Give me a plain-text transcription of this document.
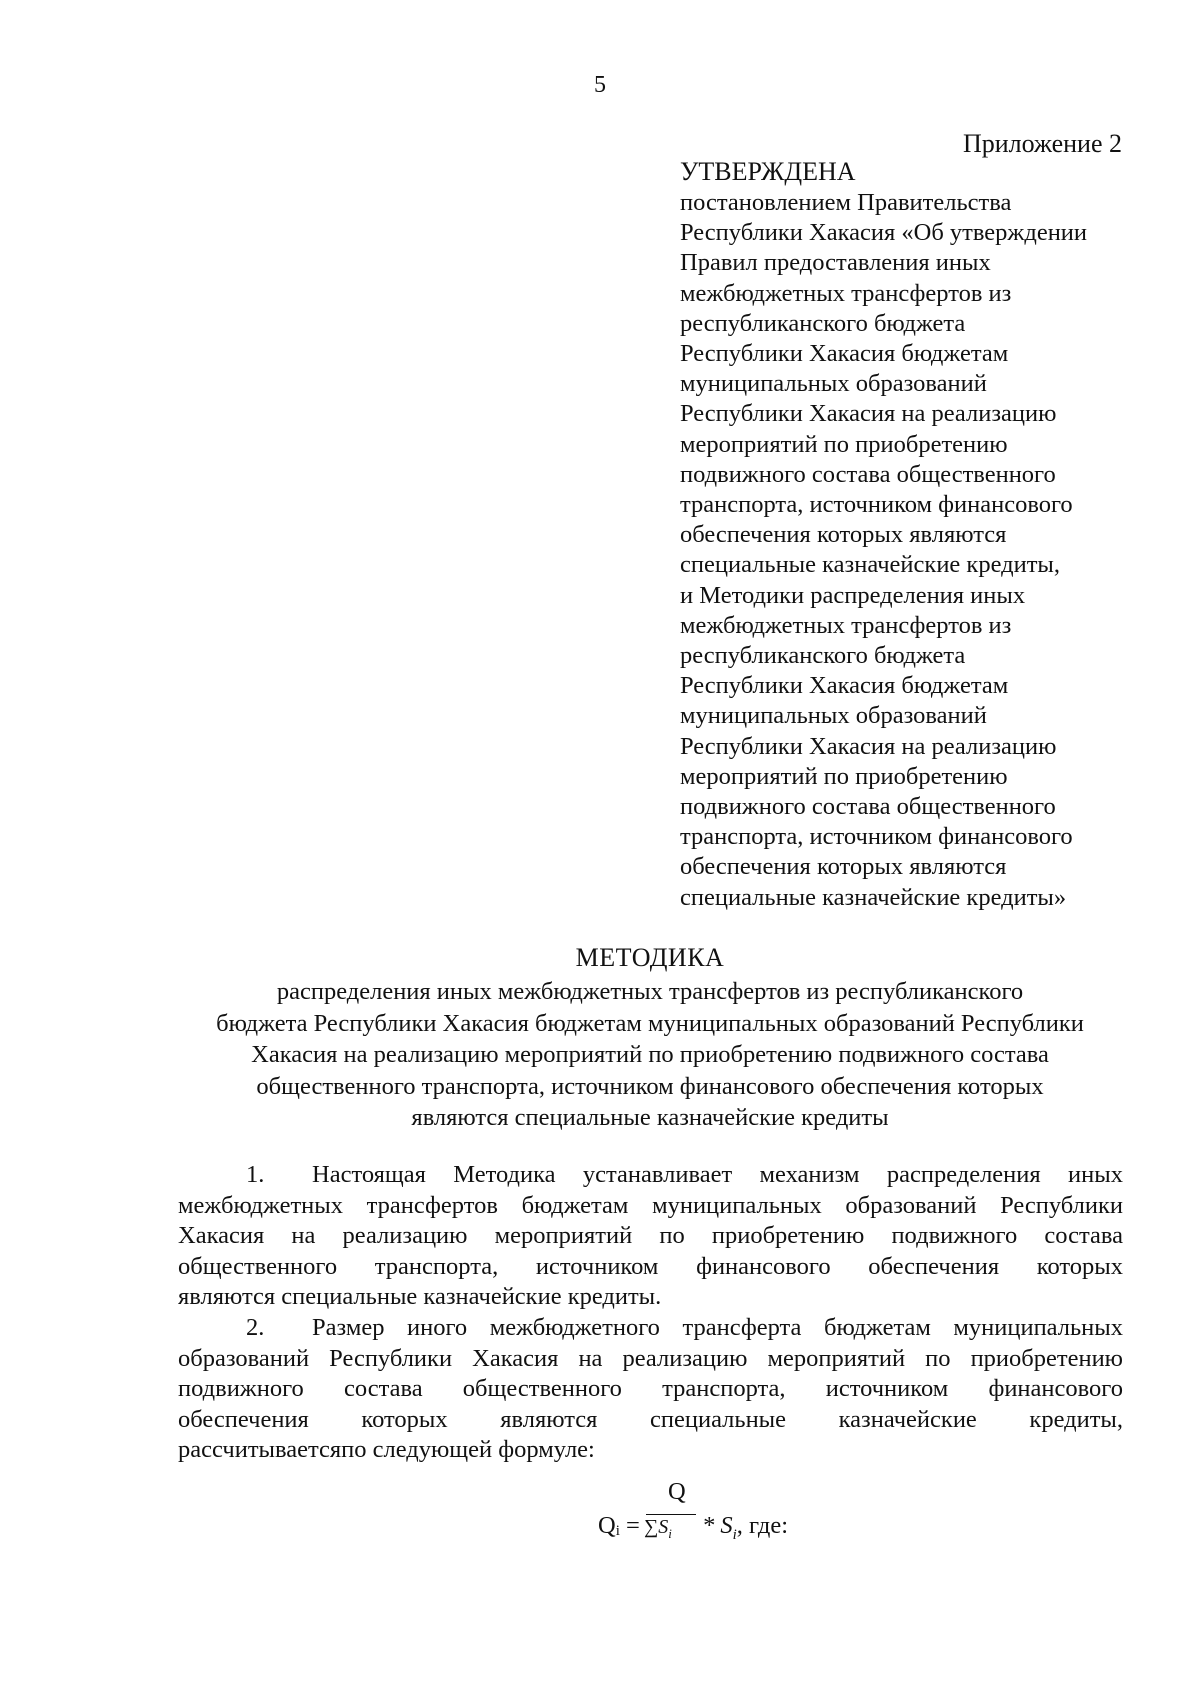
5
Приложение 2
УТВЕРЖДЕНА
постановлением Правительства
Республики Хакасия «Об утверждении
Правил предоставления иных
межбюджетных трансфертов из
республиканского бюджета
Республики Хакасия бюджетам
муниципальных образований
Республики Хакасия на реализацию
мероприятий по приобретению
подвижного состава общественного
транспорта, источником финансового
обеспечения которых являются
специальные казначейские кредиты,
и Методики распределения иных
межбюджетных трансфертов из
республиканского бюджета
Республики Хакасия бюджетам
муниципальных образований
Республики Хакасия на реализацию
мероприятий по приобретению
подвижного состава общественного
транспорта, источником финансового
обеспечения которых являются
специальные казначейские кредиты»
МЕТОДИКА
распределения иных межбюджетных трансфертов из республиканского
бюджета Республики Хакасия бюджетам муниципальных образований Республики
Хакасия на реализацию мероприятий по приобретению подвижного состава
общественного транспорта, источником финансового обеспечения которых
являются специальные казначейские кредиты
1. Настоящая Методика устанавливает механизм распределения иных
межбюджетных трансфертов бюджетам муниципальных образований Республики
Хакасия на реализацию мероприятий по приобретению подвижного состава
общественного транспорта, источником финансового обеспечения которых
являются специальные казначейские кредиты.
2. Размер иного межбюджетного трансферта бюджетам муниципальных
образований Республики Хакасия на реализацию мероприятий по приобретению
подвижного состава общественного транспорта, источником финансового
обеспечения которых являются специальные казначейские кредиты,
рассчитываетсяпо следующей формуле:
Q
$Q_i = \sum S_i * S_i$, где:
